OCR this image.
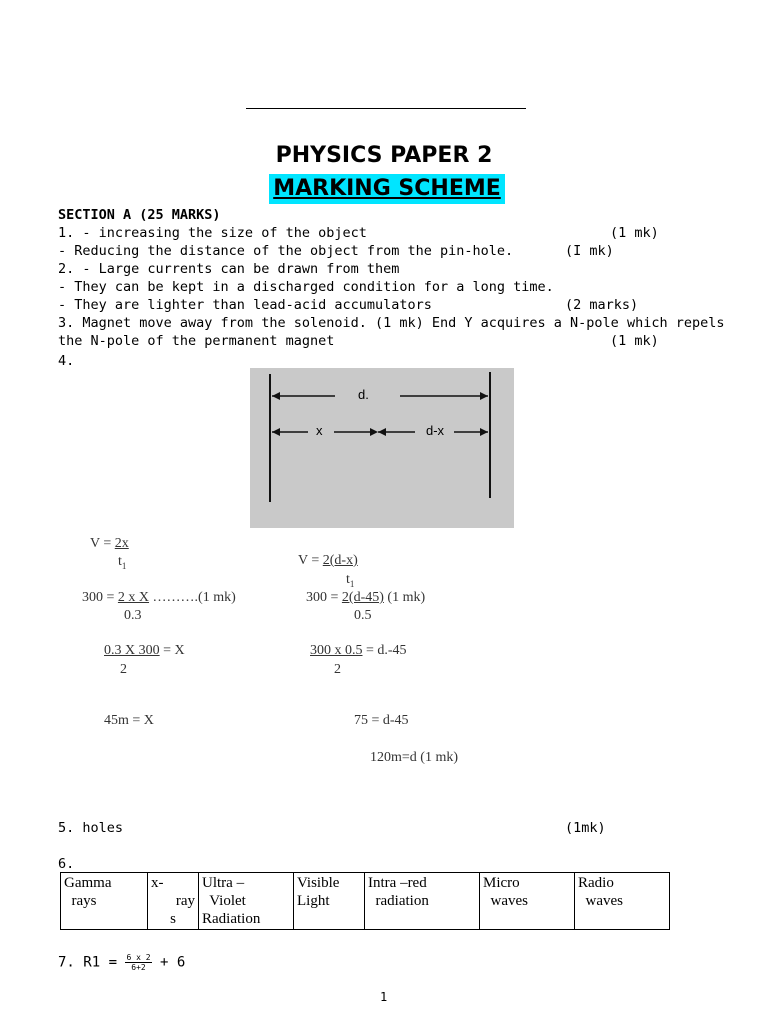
PHYSICS PAPER 2
MARKING SCHEME
SECTION A (25 MARKS)
1. - increasing the size of the object	(1 mk)
- Reducing the distance of the object from the pin-hole.	(I mk)
2. - Large currents can be drawn from them
- They can be kept in a discharged condition for a long time.
- They are lighter than lead-acid accumulators	(2 marks)
3. Magnet move away from the solenoid. (1 mk) End Y acquires a N-pole which repels
the N-pole of the permanent magnet	(1 mk)
4.
d.
x	d-x
V = 2x
$t_1$	V = 2(d-x)
$t_1$
300 = 2 x X ……….(1 mk)
0.3
300 = 2(d-45) (1 mk)
0.5
0.3 X 300 = X
2
300 x 0.5 = d.-45
2
45m = X	75 = d-45
120m=d (1 mk)
5. holes	(1mk)
6.
Gamma
rays

x-
ray
s

Ultra –
Violet
Radiation

Visible
Light

Intra –red
radiation

Micro
waves

Radio
waves
7. $R1 = \frac{6 x 2}{6+2} + 6$
1
